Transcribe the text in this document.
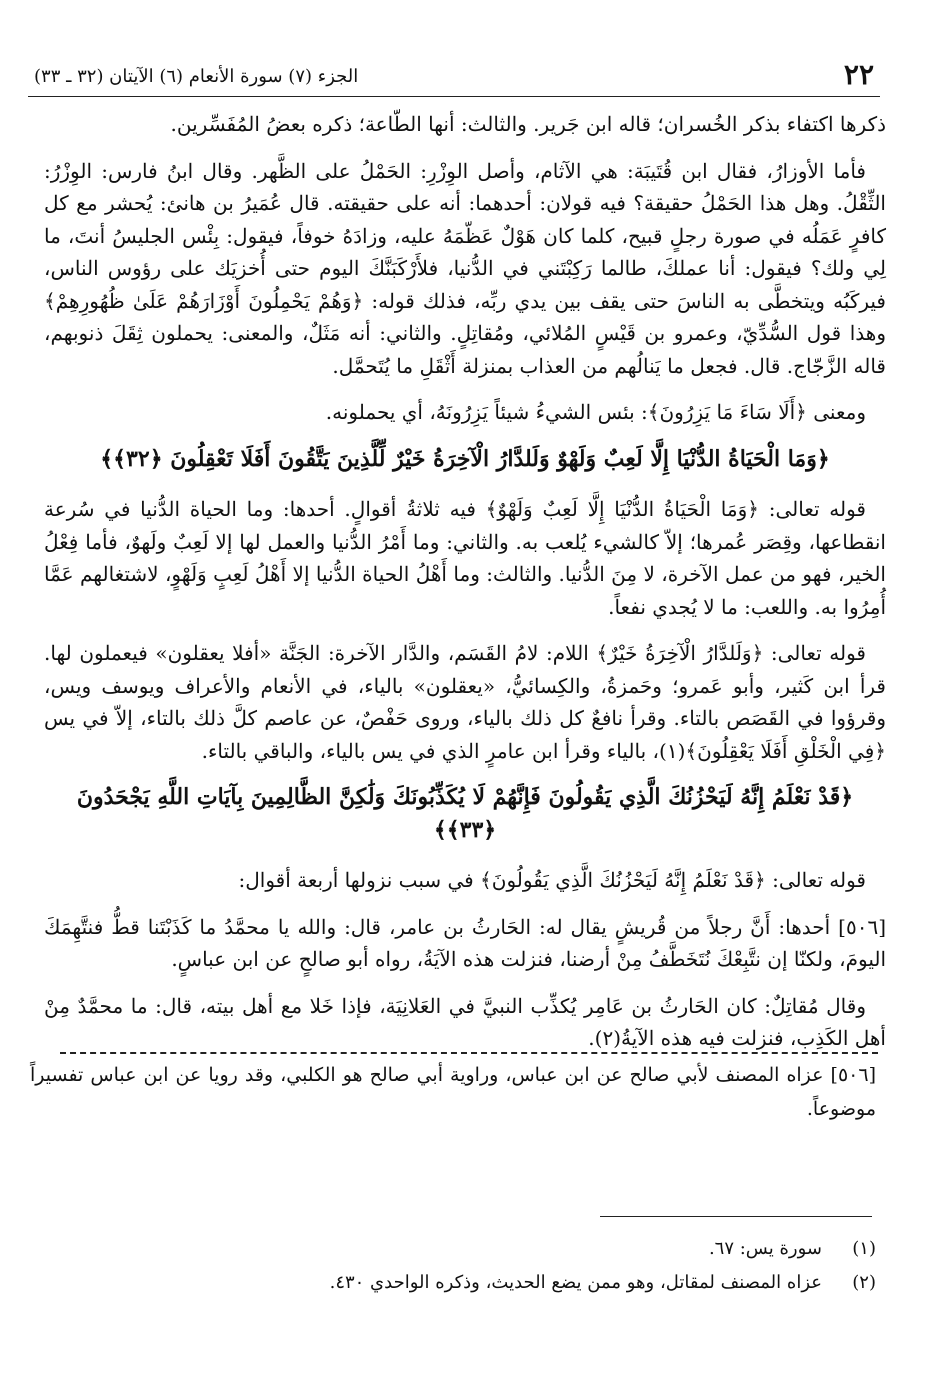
٢٢
الجزء (٧) سورة الأنعام (٦) الآيتان (٣٢ ـ ٣٣)

ذكرها اكتفاء بذكر الخُسران؛ قاله ابن جَرير. والثالث: أنها الطّاعة؛ ذكره بعضُ المُفَسِّرين.

فأما الأوزارُ، فقال ابن قُتَيبَة: هي الآثام، وأصل الوِزْرِ: الحَمْلُ على الظَّهر. وقال ابنُ فارس: الوِزْرُ: الثِّقْلُ. وهل هذا الحَمْلُ حقيقة؟ فيه قولان: أحدهما: أنه على حقيقته. قال عُمَيرُ بن هانئ: يُحشر مع كل كافرٍ عَمَلُه في صورة رجلٍ قبيح، كلما كان هَوْلٌ عَظّمَهُ عليه، وزادَهُ خوفاً، فيقول: بِئْس الجليسُ أنتَ، ما لِي ولك؟ فيقول: أنا عملكَ، طالما رَكِبْتَني في الدُّنيا، فلأَرْكَبَنَّكَ اليوم حتى أُخزيَك على رؤوس الناس، فيركَبُه ويتخطَّى به الناسَ حتى يقف بين يدي ربِّه، فذلك قوله: ﴿وَهُمْ يَحْمِلُونَ أَوْزَارَهُمْ عَلَىٰ ظُهُورِهِمْ﴾ وهذا قول السُّدِّيّ، وعمرو بن قَيْسٍ المُلائي، ومُقاتِلٍ. والثاني: أنه مَثَلٌ، والمعنى: يحملون ثِقَلَ ذنوبهم، قاله الزَّجّاج. قال. فجعل ما يَنالُهم من العذاب بمنزلة أَثْقَلِ ما يُتَحمَّل.

ومعنى ﴿أَلَا سَاءَ مَا يَزِرُونَ﴾: بئس الشيءُ شيئاً يَزِرُونَهُ، أي يحملونه.

﴿وَمَا الْحَيَاةُ الدُّنْيَا إِلَّا لَعِبٌ وَلَهْوٌ وَلَلدَّارُ الْآخِرَةُ خَيْرٌ لِّلَّذِينَ يَتَّقُونَ أَفَلَا تَعْقِلُونَ ﴿٣٢﴾﴾

قوله تعالى: ﴿وَمَا الْحَيَاةُ الدُّنْيَا إِلَّا لَعِبٌ وَلَهْوٌ﴾ فيه ثلاثةُ أقوالٍ. أحدها: وما الحياة الدُّنيا في سُرعة انقطاعها، وقِصَر عُمرها؛ إلاّ كالشيء يُلعب به. والثاني: وما أَمْرُ الدُّنيا والعمل لها إلا لَعِبٌ ولَهوٌ، فأما فِعْلُ الخير، فهو من عمل الآخرة، لا مِنَ الدُّنيا. والثالث: وما أَهْلُ الحياة الدُّنيا إلا أَهْلُ لَعِبٍ وَلَهْوٍ، لاشتغالهم عَمَّا أُمِرُوا به. واللعب: ما لا يُجدي نفعاً.

قوله تعالى: ﴿وَلَلدَّارُ الْآخِرَةُ خَيْرٌ﴾ اللام: لامُ القَسَم، والدَّار الآخرة: الجَنَّة «أفلا يعقلون» فيعملون لها. قرأ ابن كَثير، وأبو عَمرو؛ وحَمزةُ، والكِسائيُّ، «يعقلون» بالياء، في الأنعام والأعراف ويوسف ويس، وقرؤوا في القَصَص بالتاء. وقرأ نافعٌ كل ذلك بالياء، وروى حَفْصٌ، عن عاصم كلَّ ذلك بالتاء، إلاّ في يس ﴿فِي الْخَلْقِ أَفَلَا يَعْقِلُونَ﴾(١)، بالياء وقرأ ابن عامرٍ الذي في يس بالياء، والباقي بالتاء.

﴿قَدْ نَعْلَمُ إِنَّهُ لَيَحْزُنُكَ الَّذِي يَقُولُونَ فَإِنَّهُمْ لَا يُكَذِّبُونَكَ وَلَٰكِنَّ الظَّالِمِينَ بِآيَاتِ اللَّهِ يَجْحَدُونَ ﴿٣٣﴾﴾

قوله تعالى: ﴿قَدْ نَعْلَمُ إِنَّهُ لَيَحْزُنُكَ الَّذِي يَقُولُونَ﴾ في سبب نزولها أربعة أقوال:

[٥٠٦] أحدها: أَنَّ رجلاً من قُريشٍ يقال له: الحَارثُ بن عامر، قال: والله يا محمَّدُ ما كَذَبْتَنا قطُّ فنتَّهِمَكَ اليومَ، ولكنّا إن نتَّبِعْكَ نُتَخَطَّفُ مِنْ أرضنا، فنزلت هذه الآيَةُ، رواه أبو صالحٍ عن ابن عباسٍ.

وقال مُقاتِلٌ: كان الحَارثُ بن عَامِر يُكذِّب النبيَّ في العَلانِيَة، فإذا خَلا مع أهل بيته، قال: ما محمَّدٌ مِنْ أهل الكَذِب، فنزلت فيه هذه الآيةُ(٢).

[٥٠٦] عزاه المصنف لأبي صالح عن ابن عباس، وراوية أبي صالح هو الكلبي، وقد رويا عن ابن عباس تفسيراً موضوعاً.
(١)
سورة يس: ٦٧.
(٢)
عزاه المصنف لمقاتل، وهو ممن يضع الحديث، وذكره الواحدي ٤٣٠.
